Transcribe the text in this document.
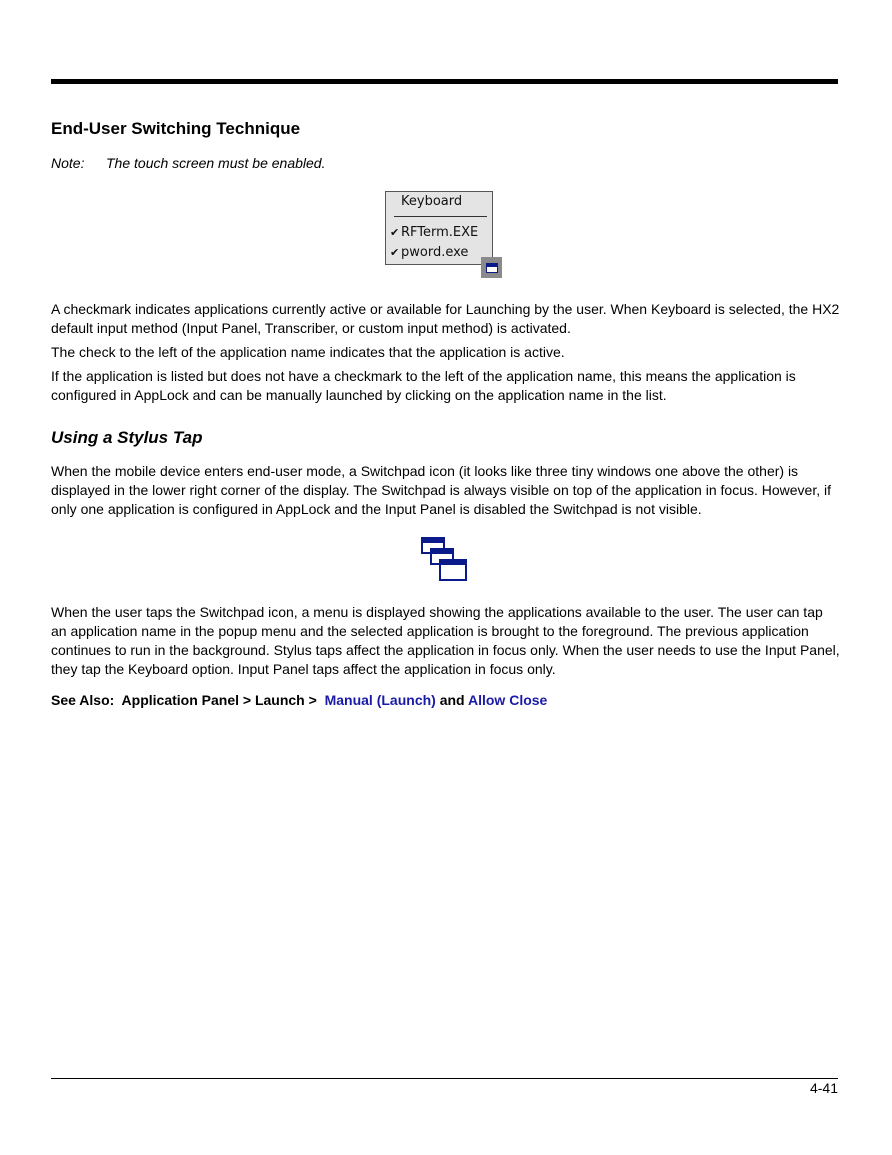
End-User Switching Technique
Note: The touch screen must be enabled.
Keyboard
✔ RFTerm.EXE
✔ pword.exe

A checkmark indicates applications currently active or available for Launching by the user. When Keyboard is selected, the HX2 default input method (Input Panel, Transcriber, or custom input method) is activated.

The check to the left of the application name indicates that the application is active.

If the application is listed but does not have a checkmark to the left of the application name, this means the application is configured in AppLock and can be manually launched by clicking on the application name in the list.

Using a Stylus Tap

When the mobile device enters end-user mode, a Switchpad icon (it looks like three tiny windows one above the other) is displayed in the lower right corner of the display. The Switchpad is always visible on top of the application in focus. However, if only one application is configured in AppLock and the Input Panel is disabled the Switchpad is not visible.

When the user taps the Switchpad icon, a menu is displayed showing the applications available to the user. The user can tap an application name in the popup menu and the selected application is brought to the foreground. The previous application continues to run in the background. Stylus taps affect the application in focus only. When the user needs to use the Input Panel, they tap the Keyboard option. Input Panel taps affect the application in focus only.

See Also:  Application Panel > Launch >  Manual (Launch) and Allow Close
4-41
